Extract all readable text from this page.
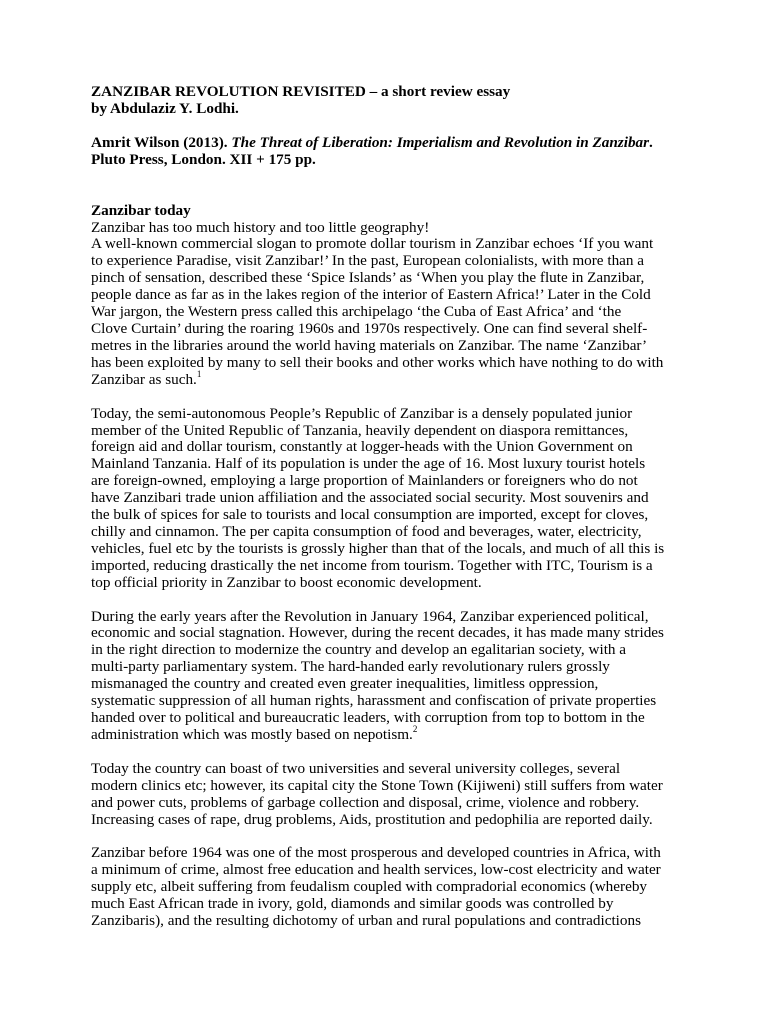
ZANZIBAR REVOLUTION REVISITED – a short review essay
by Abdulaziz Y. Lodhi.

Amrit Wilson (2013). The Threat of Liberation: Imperialism and Revolution in Zanzibar.
Pluto Press, London. XII + 175 pp.

Zanzibar today

Zanzibar has too much history and too little geography!
A well-known commercial slogan to promote dollar tourism in Zanzibar echoes ‘If you want
to experience Paradise, visit Zanzibar!’ In the past, European colonialists, with more than a
pinch of sensation, described these ‘Spice Islands’ as ‘When you play the flute in Zanzibar,
people dance as far as in the lakes region of the interior of Eastern Africa!’ Later in the Cold
War jargon, the Western press called this archipelago ‘the Cuba of East Africa’ and ‘the
Clove Curtain’ during the roaring 1960s and 1970s respectively. One can find several shelf-
metres in the libraries around the world having materials on Zanzibar. The name ‘Zanzibar’
has been exploited by many to sell their books and other works which have nothing to do with
Zanzibar as such.$^1$

Today, the semi-autonomous People’s Republic of Zanzibar is a densely populated junior
member of the United Republic of Tanzania, heavily dependent on diaspora remittances,
foreign aid and dollar tourism, constantly at logger-heads with the Union Government on
Mainland Tanzania. Half of its population is under the age of 16. Most luxury tourist hotels
are foreign-owned, employing a large proportion of Mainlanders or foreigners who do not
have Zanzibari trade union affiliation and the associated social security. Most souvenirs and
the bulk of spices for sale to tourists and local consumption are imported, except for cloves,
chilly and cinnamon. The per capita consumption of food and beverages, water, electricity,
vehicles, fuel etc by the tourists is grossly higher than that of the locals, and much of all this is
imported, reducing drastically the net income from tourism. Together with ITC, Tourism is a
top official priority in Zanzibar to boost economic development.

During the early years after the Revolution in January 1964, Zanzibar experienced political,
economic and social stagnation. However, during the recent decades, it has made many strides
in the right direction to modernize the country and develop an egalitarian society, with a
multi-party parliamentary system. The hard-handed early revolutionary rulers grossly
mismanaged the country and created even greater inequalities, limitless oppression,
systematic suppression of all human rights, harassment and confiscation of private properties
handed over to political and bureaucratic leaders, with corruption from top to bottom in the
administration which was mostly based on nepotism.$^2$

Today the country can boast of two universities and several university colleges, several
modern clinics etc; however, its capital city the Stone Town (Kijiweni) still suffers from water
and power cuts, problems of garbage collection and disposal, crime, violence and robbery.
Increasing cases of rape, drug problems, Aids, prostitution and pedophilia are reported daily.

Zanzibar before 1964 was one of the most prosperous and developed countries in Africa, with
a minimum of crime, almost free education and health services, low-cost electricity and water
supply etc, albeit suffering from feudalism coupled with compradorial economics (whereby
much East African trade in ivory, gold, diamonds and similar goods was controlled by
Zanzibaris), and the resulting dichotomy of urban and rural populations and contradictions
